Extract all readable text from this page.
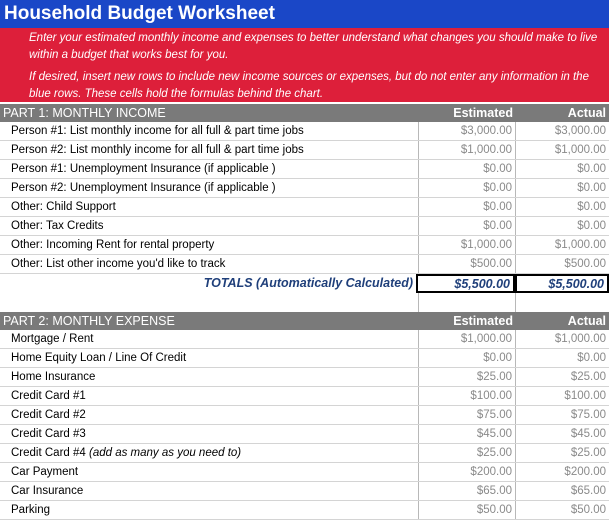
Household Budget Worksheet

Enter your estimated monthly income and expenses to better understand what changes you should make to live within a budget that works best for you.

If desired, insert new rows to include new income sources or expenses, but do not enter any information in the blue rows. These cells hold the formulas behind the chart.

PART 1: MONTHLY INCOME	Estimated	Actual
Person #1: List monthly income for all full & part time jobs	$3,000.00	$3,000.00
Person #2: List monthly income for all full & part time jobs	$1,000.00	$1,000.00
Person #1: Unemployment Insurance (if applicable )	$0.00	$0.00
Person #2: Unemployment Insurance (if applicable )	$0.00	$0.00
Other: Child Support	$0.00	$0.00
Other: Tax Credits	$0.00	$0.00
Other: Incoming Rent for rental property	$1,000.00	$1,000.00
Other: List other income you'd like to track	$500.00	$500.00
TOTALS (Automatically Calculated)	$5,500.00	$5,500.00
PART 2: MONTHLY EXPENSE	Estimated	Actual
Mortgage / Rent	$1,000.00	$1,000.00
Home Equity Loan / Line Of Credit	$0.00	$0.00
Home Insurance	$25.00	$25.00
Credit Card #1	$100.00	$100.00
Credit Card #2	$75.00	$75.00
Credit Card #3	$45.00	$45.00
Credit Card #4 (add as many as you need to)	$25.00	$25.00
Car Payment	$200.00	$200.00
Car Insurance	$65.00	$65.00
Parking	$50.00	$50.00
